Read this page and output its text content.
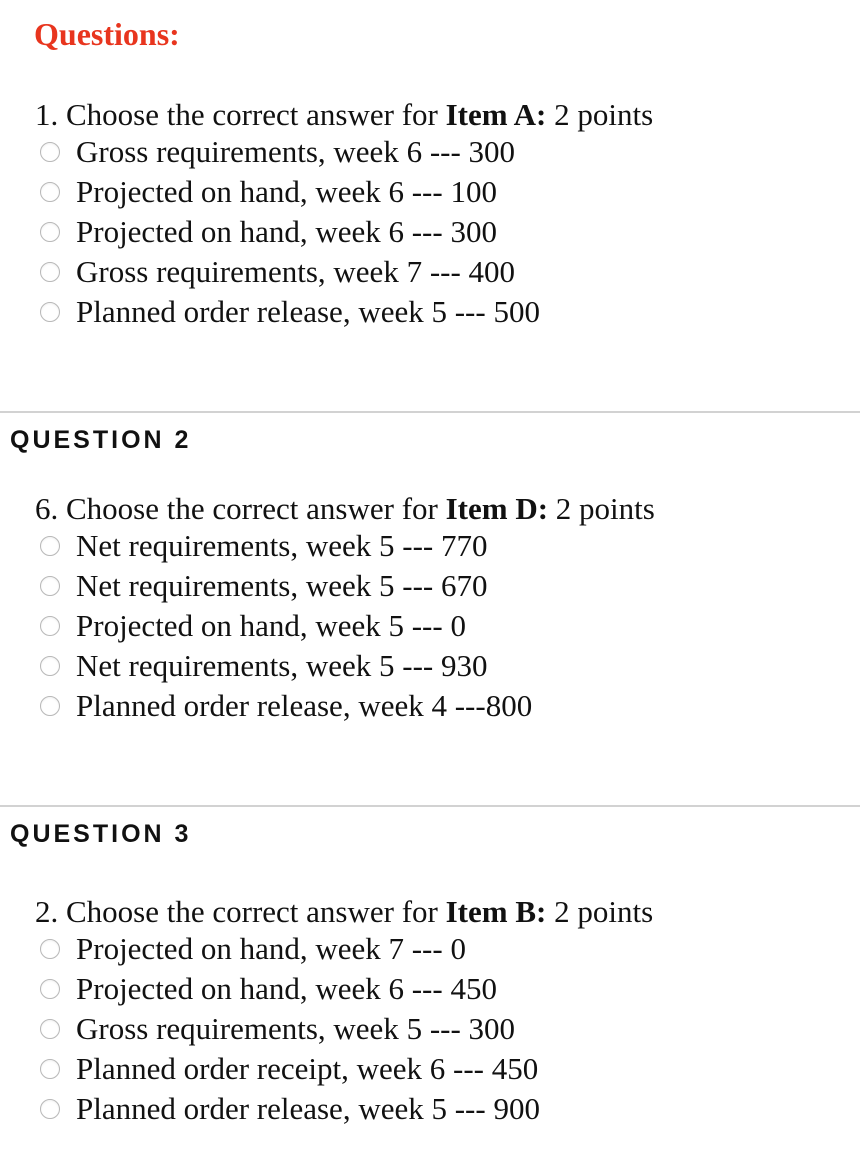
Questions:
1. Choose the correct answer for Item A: 2 points
Gross requirements, week 6 --- 300
Projected on hand, week 6 --- 100
Projected on hand, week 6 --- 300
Gross requirements, week 7 --- 400
Planned order release, week 5 --- 500
QUESTION 2
6. Choose the correct answer for Item D: 2 points
Net requirements, week 5 --- 770
Net requirements, week 5 --- 670
Projected on hand, week 5 --- 0
Net requirements, week 5 --- 930
Planned order release, week 4 ---800
QUESTION 3
2. Choose the correct answer for Item B: 2 points
Projected on hand, week 7 --- 0
Projected on hand, week 6 --- 450
Gross requirements, week 5 --- 300
Planned order receipt, week 6 --- 450
Planned order release, week 5 --- 900
